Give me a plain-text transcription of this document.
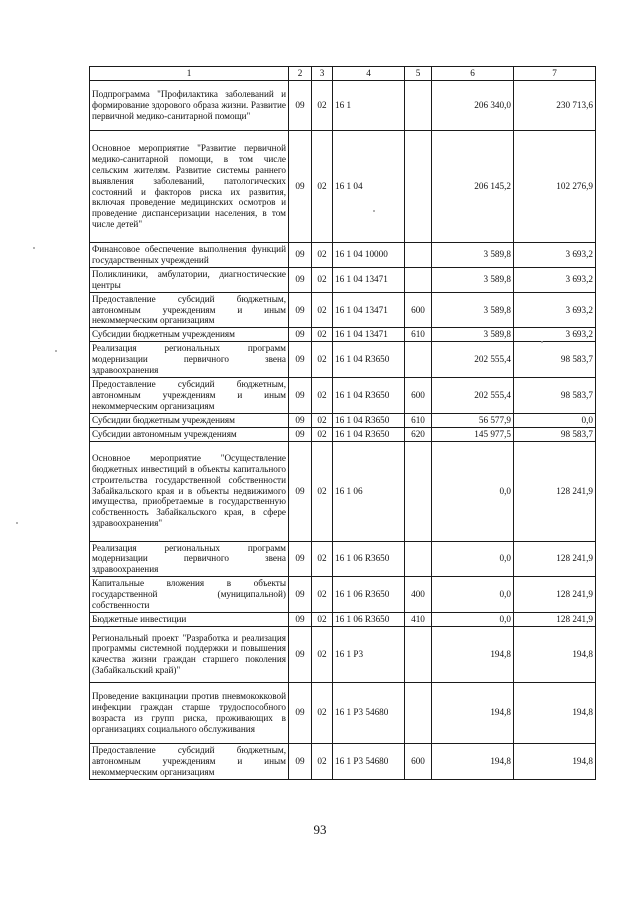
1	2	3	4	5	6	7
Подпрограмма "Профилактика заболеваний и формирование здорового образа жизни. Развитие первичной медико-санитарной помощи"	09	02	16 1		206 340,0	230 713,6
Основное мероприятие "Развитие первичной медико-санитарной помощи, в том числе сельским жителям. Развитие системы раннего выявления заболеваний, патологических состояний и факторов риска их развития, включая проведение медицинских осмотров и проведение диспансеризации населения, в том числе детей"	09	02	16 1 04		206 145,2	102 276,9
Финансовое обеспечение выполнения функций государственных учреждений	09	02	16 1 04 10000		3 589,8	3 693,2
Поликлиники, амбулатории, диагностические центры	09	02	16 1 04 13471		3 589,8	3 693,2
Предоставление субсидий бюджетным, автономным учреждениям и иным некоммерческим организациям	09	02	16 1 04 13471	600	3 589,8	3 693,2
Субсидии бюджетным учреждениям	09	02	16 1 04 13471	610	3 589,8	3 693,2
Реализация региональных программ модернизации первичного звена здравоохранения	09	02	16 1 04 R3650		202 555,4	98 583,7
Предоставление субсидий бюджетным, автономным учреждениям и иным некоммерческим организациям	09	02	16 1 04 R3650	600	202 555,4	98 583,7
Субсидии бюджетным учреждениям	09	02	16 1 04 R3650	610	56 577,9	0,0
Субсидии автономным учреждениям	09	02	16 1 04 R3650	620	145 977,5	98 583,7
Основное мероприятие "Осуществление бюджетных инвестиций в объекты капитального строительства государственной собственности Забайкальского края и в объекты недвижимого имущества, приобретаемые в государственную собственность Забайкальского края, в сфере здравоохранения"	09	02	16 1 06		0,0	128 241,9
Реализация региональных программ модернизации первичного звена здравоохранения	09	02	16 1 06 R3650		0,0	128 241,9
Капитальные вложения в объекты государственной (муниципальной) собственности	09	02	16 1 06 R3650	400	0,0	128 241,9
Бюджетные инвестиции	09	02	16 1 06 R3650	410	0,0	128 241,9
Региональный проект "Разработка и реализация программы системной поддержки и повышения качества жизни граждан старшего поколения (Забайкальский край)"	09	02	16 1 P3		194,8	194,8
Проведение вакцинации против пневмококковой инфекции граждан старше трудоспособного возраста из групп риска, проживающих в организациях социального обслуживания	09	02	16 1 P3 54680		194,8	194,8
Предоставление субсидий бюджетным, автономным учреждениям и иным некоммерческим организациям	09	02	16 1 P3 54680	600	194,8	194,8
93
